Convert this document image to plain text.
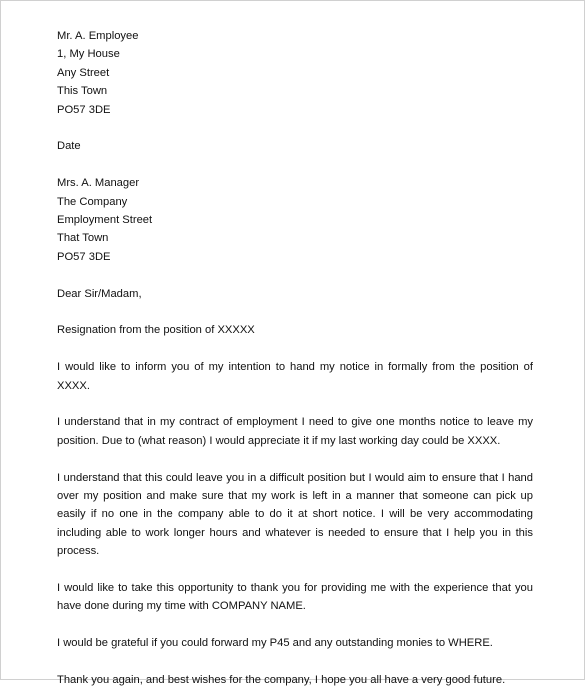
Mr. A. Employee
1, My House
Any Street
This Town
PO57 3DE
Date
Mrs. A. Manager
The Company
Employment Street
That Town
PO57 3DE
Dear Sir/Madam,
Resignation from the position of XXXXX

I would like to inform you of my intention to hand my notice in formally from the position of XXXX.

I understand that in my contract of employment I need to give one months notice to leave my position. Due to (what reason) I would appreciate it if my last working day could be XXXX.

I understand that this could leave you in a difficult position but I would aim to ensure that I hand over my position and make sure that my work is left in a manner that someone can pick up easily if no one in the company able to do it at short notice. I will be very accommodating including able to work longer hours and whatever is needed to ensure that I help you in this process.

I would like to take this opportunity to thank you for providing me with the experience that you have done during my time with COMPANY NAME.

I would be grateful if you could forward my P45 and any outstanding monies to WHERE.

Thank you again, and best wishes for the company, I hope you all have a very good future.
